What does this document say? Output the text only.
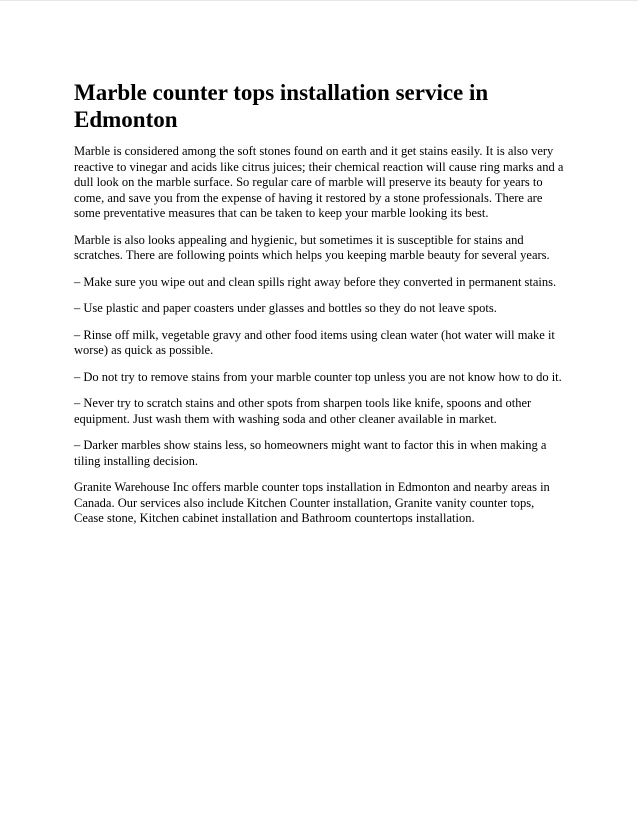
Marble counter tops installation service in Edmonton

Marble is considered among the soft stones found on earth and it get stains easily. It is also very reactive to vinegar and acids like citrus juices; their chemical reaction will cause ring marks and a dull look on the marble surface. So regular care of marble will preserve its beauty for years to come, and save you from the expense of having it restored by a stone professionals. There are some preventative measures that can be taken to keep your marble looking its best.

Marble is also looks appealing and hygienic, but sometimes it is susceptible for stains and scratches. There are following points which helps you keeping marble beauty for several years.

– Make sure you wipe out and clean spills right away before they converted in permanent stains.

– Use plastic and paper coasters under glasses and bottles so they do not leave spots.

– Rinse off milk, vegetable gravy and other food items using clean water (hot water will make it worse) as quick as possible.

– Do not try to remove stains from your marble counter top unless you are not know how to do it.

– Never try to scratch stains and other spots from sharpen tools like knife, spoons and other equipment. Just wash them with washing soda and other cleaner available in market.

– Darker marbles show stains less, so homeowners might want to factor this in when making a tiling installing decision.

Granite Warehouse Inc offers marble counter tops installation in Edmonton and nearby areas in Canada. Our services also include Kitchen Counter installation, Granite vanity counter tops, Cease stone, Kitchen cabinet installation and Bathroom countertops installation.
